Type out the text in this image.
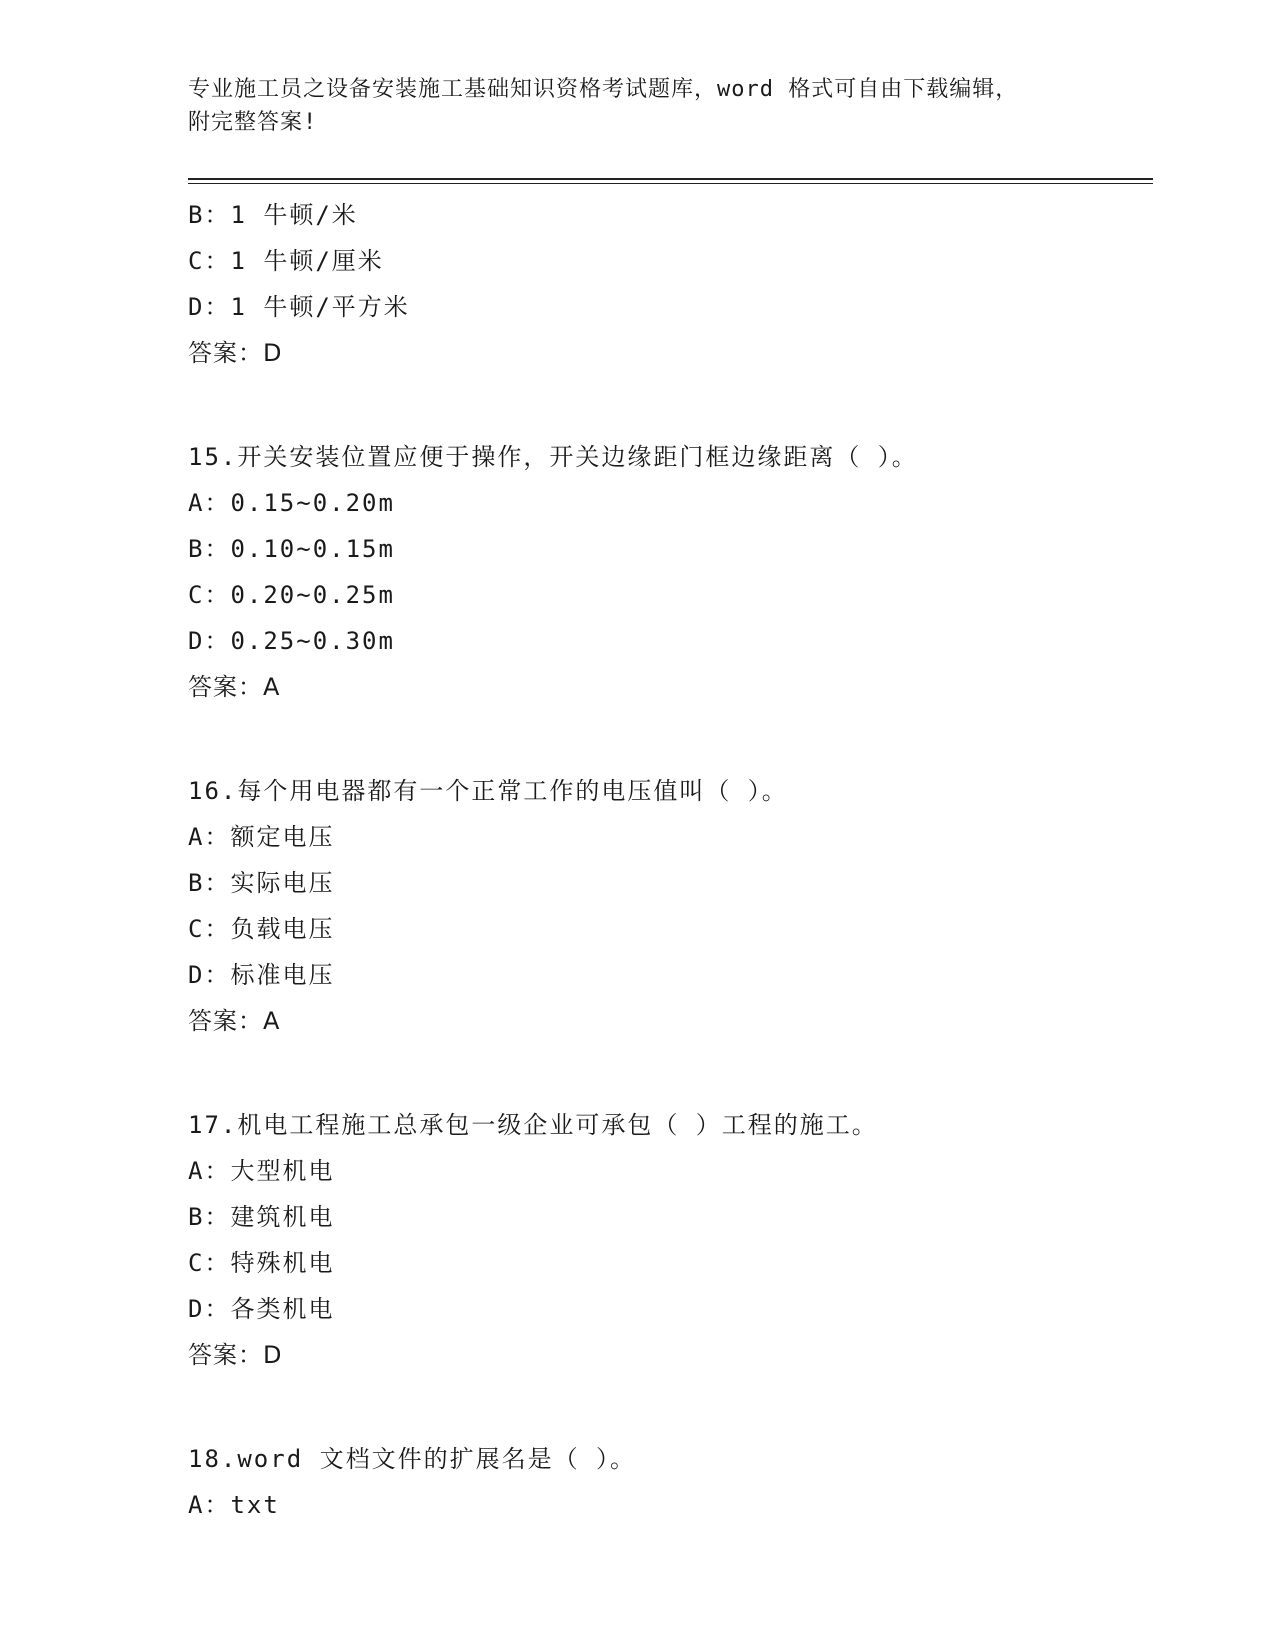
专业施工员之设备安装施工基础知识资格考试题库，word 格式可自由下载编辑，
附完整答案!
B：1 牛顿/米
C：1 牛顿/厘米
D：1 牛顿/平方米
答案：D
15.开关安装位置应便于操作，开关边缘距门框边缘距离（ ）。
A：0.15~0.20m
B：0.10~0.15m
C：0.20~0.25m
D：0.25~0.30m
答案：A
16.每个用电器都有一个正常工作的电压值叫（ ）。
A：额定电压
B：实际电压
C：负载电压
D：标准电压
答案：A
17.机电工程施工总承包一级企业可承包（ ）工程的施工。
A：大型机电
B：建筑机电
C：特殊机电
D：各类机电
答案：D
18.word 文档文件的扩展名是（ ）。
A：txt
